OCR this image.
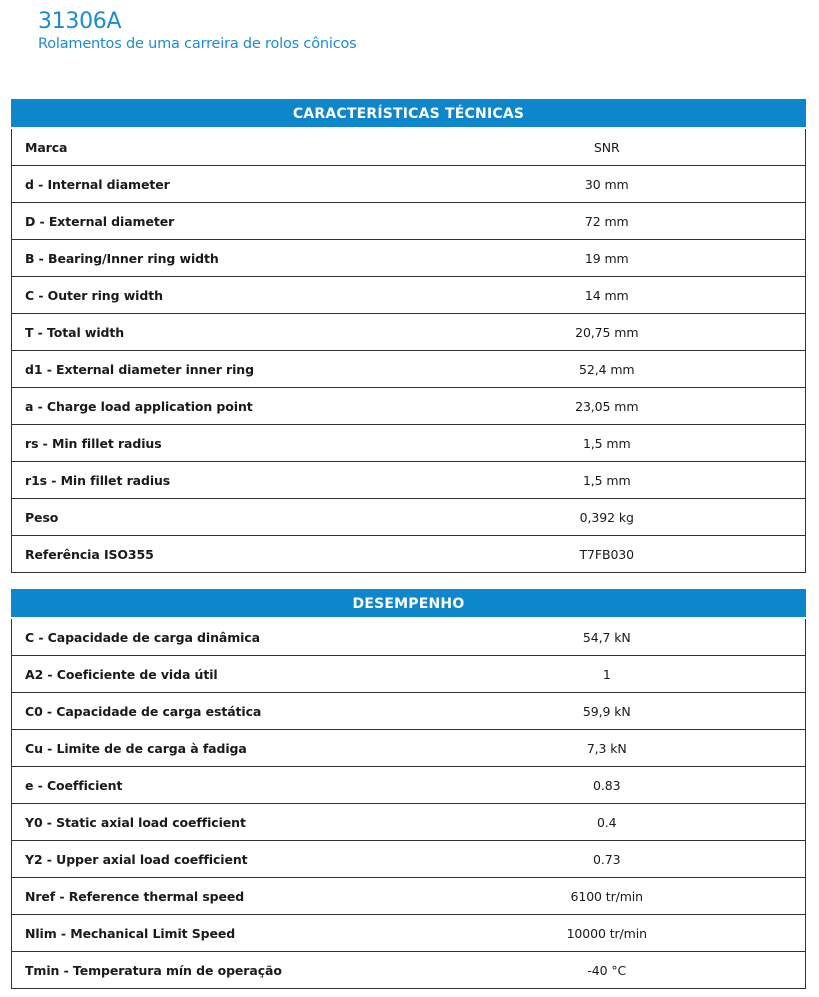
31306A
Rolamentos de uma carreira de rolos cônicos
CARACTERÍSTICAS TÉCNICAS	
Marca	SNR
d - Internal diameter	30 mm
D - External diameter	72 mm
B - Bearing/Inner ring width	19 mm
C - Outer ring width	14 mm
T - Total width	20,75 mm
d1 - External diameter inner ring	52,4 mm
a - Charge load application point	23,05 mm
rs - Min fillet radius	1,5 mm
r1s - Min fillet radius	1,5 mm
Peso	0,392 kg
Referência ISO355	T7FB030
DESEMPENHO	
C - Capacidade de carga dinâmica	54,7 kN
A2 - Coeficiente de vida útil	1
C0 - Capacidade de carga estática	59,9 kN
Cu - Limite de de carga à fadiga	7,3 kN
e - Coefficient	0.83
Y0 - Static axial load coefficient	0.4
Y2 - Upper axial load coefficient	0.73
Nref - Reference thermal speed	6100 tr/min
Nlim - Mechanical Limit Speed	10000 tr/min
Tmin - Temperatura mín de operação	-40 °C
